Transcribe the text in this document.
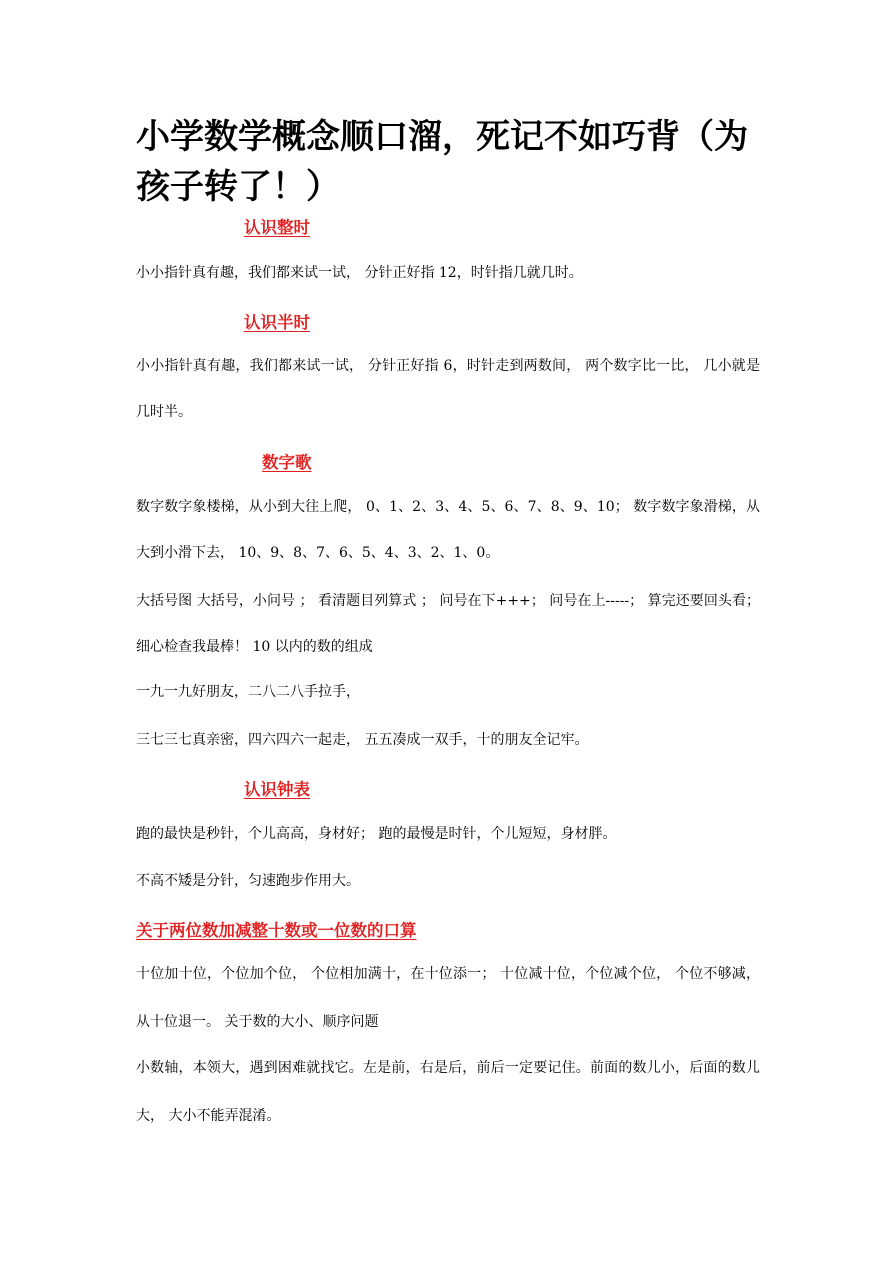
小学数学概念顺口溜，死记不如巧背（为孩子转了！）
认识整时

小小指针真有趣，我们都来试一试， 分针正好指 12，时针指几就几时。

认识半时

小小指针真有趣，我们都来试一试， 分针正好指 6，时针走到两数间， 两个数字比一比， 几小就是几时半。

数字歌

数字数字象楼梯，从小到大往上爬， 0、1、2、3、4、5、6、7、8、9、10； 数字数字象滑梯，从大到小滑下去， 10、9、8、7、6、5、4、3、2、1、0。

大括号图 大括号，小问号 ； 看清题目列算式 ； 问号在下+++； 问号在上-----； 算完还要回头看； 细心检查我最棒！ 10 以内的数的组成

一九一九好朋友，二八二八手拉手，

三七三七真亲密，四六四六一起走， 五五凑成一双手，十的朋友全记牢。

认识钟表

跑的最快是秒针，个儿高高，身材好； 跑的最慢是时针，个儿短短，身材胖。

不高不矮是分针，匀速跑步作用大。

关于两位数加减整十数或一位数的口算

十位加十位，个位加个位， 个位相加满十，在十位添一； 十位减十位，个位减个位， 个位不够减，从十位退一。 关于数的大小、顺序问题

小数轴，本领大，遇到困难就找它。左是前，右是后，前后一定要记住。前面的数儿小，后面的数儿大， 大小不能弄混淆。
